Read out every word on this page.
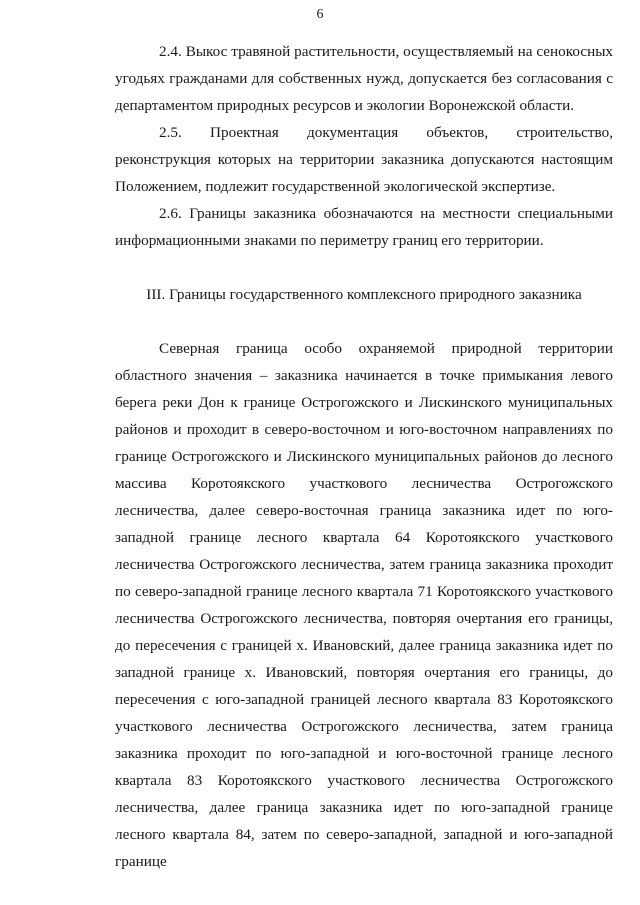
6

2.4. Выкос травяной растительности, осуществляемый на сенокосных угодьях гражданами для собственных нужд, допускается без согласования с департаментом природных ресурсов и экологии Воронежской области.

2.5. Проектная документация объектов, строительство, реконструкция которых на территории заказника допускаются настоящим Положением, подлежит государственной экологической экспертизе.

2.6. Границы заказника обозначаются на местности специальными информационными знаками по периметру границ его территории.

III. Границы государственного комплексного природного заказника

Северная граница особо охраняемой природной территории областного значения – заказника начинается в точке примыкания левого берега реки Дон к границе Острогожского и Лискинского муниципальных районов и проходит в северо-восточном и юго-восточном направлениях по границе Острогожского и Лискинского муниципальных районов до лесного массива Коротоякского участкового лесничества Острогожского лесничества, далее северо-восточная граница заказника идет по юго-западной границе лесного квартала 64 Коротоякского участкового лесничества Острогожского лесничества, затем граница заказника проходит по северо-западной границе лесного квартала 71 Коротоякского участкового лесничества Острогожского лесничества, повторяя очертания его границы, до пересечения с границей х. Ивановский, далее граница заказника идет по западной границе х. Ивановский, повторяя очертания его границы, до пересечения с юго-западной границей лесного квартала 83 Коротоякского участкового лесничества Острогожского лесничества, затем граница заказника проходит по юго-западной и юго-восточной границе лесного квартала 83 Коротоякского участкового лесничества Острогожского лесничества, далее граница заказника идет по юго-западной границе лесного квартала 84, затем по северо-западной, западной и юго-западной границе
